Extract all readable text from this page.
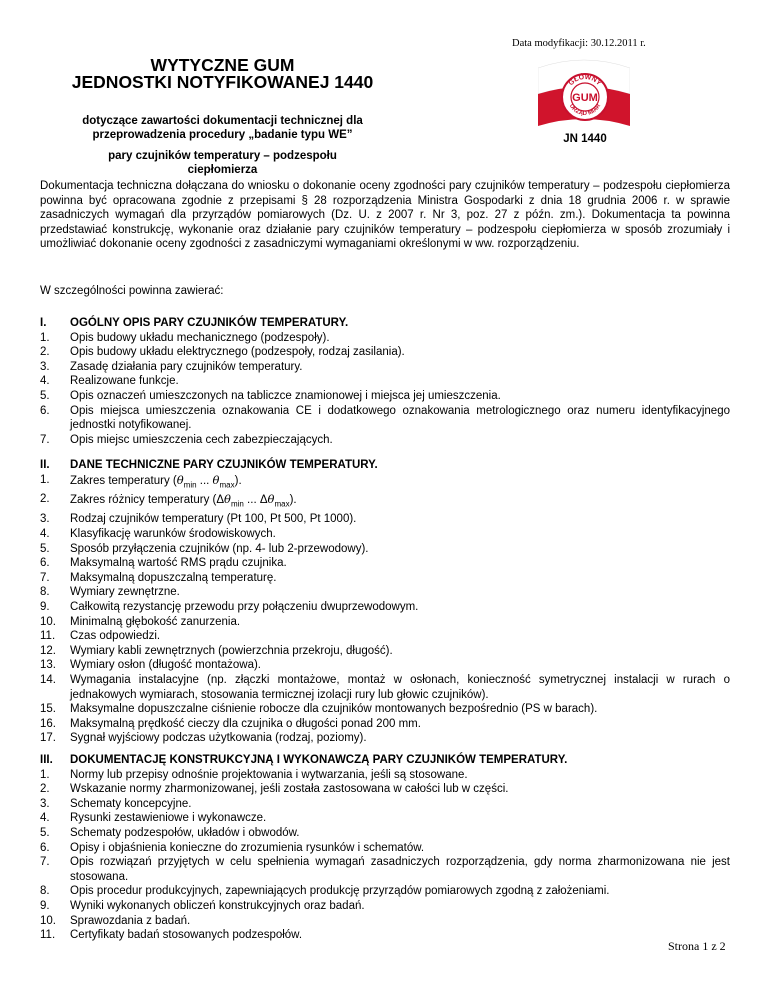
Data modyfikacji: 30.12.2011 r.
WYTYCZNE GUM
JEDNOSTKI NOTYFIKOWANEJ 1440
dotyczące zawartości dokumentacji technicznej dla
przeprowadzenia procedury „badanie typu WE”
pary czujników temperatury – podzespołu
ciepłomierza
GŁÓWNY
URZĄD MIAR
GUM
JN 1440

Dokumentacja techniczna dołączana do wniosku o dokonanie oceny zgodności pary czujników temperatury – podzespołu ciepłomierza powinna być opracowana zgodnie z przepisami § 28 rozporządzenia Ministra Gospodarki z dnia 18 grudnia 2006 r. w sprawie zasadniczych wymagań dla przyrządów pomiarowych (Dz. U. z 2007 r. Nr 3, poz. 27 z późn. zm.). Dokumentacja ta powinna przedstawiać konstrukcję, wykonanie oraz działanie pary czujników temperatury – podzespołu ciepłomierza w sposób zrozumiały i umożliwiać dokonanie oceny zgodności z zasadniczymi wymaganiami określonymi w ww. rozporządzeniu.

W szczególności powinna zawierać:

I.	OGÓLNY OPIS PARY CZUJNIKÓW TEMPERATURY.
1.	Opis budowy układu mechanicznego (podzespoły).
2.	Opis budowy układu elektrycznego (podzespoły, rodzaj zasilania).
3.	Zasadę działania pary czujników temperatury.
4.	Realizowane funkcje.
5.	Opis oznaczeń umieszczonych na tabliczce znamionowej i miejsca jej umieszczenia.
6.	Opis miejsca umieszczenia oznakowania CE i dodatkowego oznakowania metrologicznego oraz numeru identyfikacyjnego jednostki notyfikowanej.
7.	Opis miejsc umieszczenia cech zabezpieczających.
II.	DANE TECHNICZNE PARY CZUJNIKÓW TEMPERATURY.
1.	Zakres temperatury ($\theta_{min}$ ... $\theta_{max}$).
2.	Zakres różnicy temperatury ($\Delta\theta_{min}$ ... $\Delta\theta_{max}$).
3.	Rodzaj czujników temperatury (Pt 100, Pt 500, Pt 1000).
4.	Klasyfikację warunków środowiskowych.
5.	Sposób przyłączenia czujników (np. 4- lub 2-przewodowy).
6.	Maksymalną wartość RMS prądu czujnika.
7.	Maksymalną dopuszczalną temperaturę.
8.	Wymiary zewnętrzne.
9.	Całkowitą rezystancję przewodu przy połączeniu dwuprzewodowym.
10.	Minimalną głębokość zanurzenia.
11.	Czas odpowiedzi.
12.	Wymiary kabli zewnętrznych (powierzchnia przekroju, długość).
13.	Wymiary osłon (długość montażowa).
14.	Wymagania instalacyjne (np. złączki montażowe, montaż w osłonach, konieczność symetrycznej instalacji w rurach o jednakowych wymiarach, stosowania termicznej izolacji rury lub głowic czujników).
15.	Maksymalne dopuszczalne ciśnienie robocze dla czujników montowanych bezpośrednio (PS w barach).
16.	Maksymalną prędkość cieczy dla czujnika o długości ponad 200 mm.
17.	Sygnał wyjściowy podczas użytkowania (rodzaj, poziomy).
III.	DOKUMENTACJĘ KONSTRUKCYJNĄ I WYKONAWCZĄ PARY CZUJNIKÓW TEMPERATURY.
1.	Normy lub przepisy odnośnie projektowania i wytwarzania, jeśli są stosowane.
2.	Wskazanie normy zharmonizowanej, jeśli została zastosowana w całości lub w części.
3.	Schematy koncepcyjne.
4.	Rysunki zestawieniowe i wykonawcze.
5.	Schematy podzespołów, układów i obwodów.
6.	Opisy i objaśnienia konieczne do zrozumienia rysunków i schematów.
7.	Opis rozwiązań przyjętych w celu spełnienia wymagań zasadniczych rozporządzenia, gdy norma zharmonizowana nie jest stosowana.
8.	Opis procedur produkcyjnych, zapewniających produkcję przyrządów pomiarowych zgodną z założeniami.
9.	Wyniki wykonanych obliczeń konstrukcyjnych oraz badań.
10.	Sprawozdania z badań.
11.	Certyfikaty badań stosowanych podzespołów.
Strona 1 z 2
